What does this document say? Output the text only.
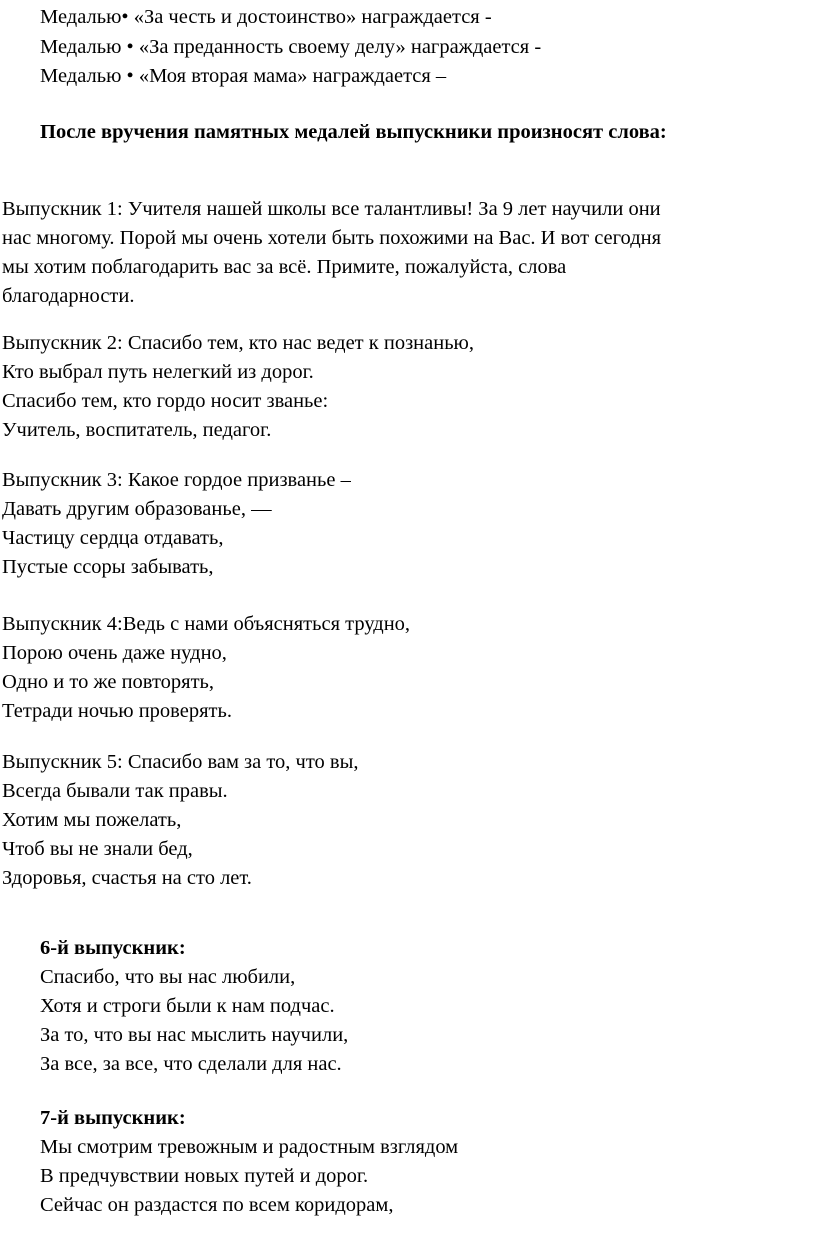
Медалью• «За честь и достоинство» награждается -
Медалью • «За преданность своему делу» награждается -
Медалью • «Моя вторая мама» награждается –
После вручения памятных медалей выпускники произносят слова:
Выпускник 1: Учителя нашей школы все талантливы! За 9 лет научили они
нас многому. Порой мы очень хотели быть похожими на Вас. И вот сегодня
мы хотим поблагодарить вас за всё. Примите, пожалуйста, слова
благодарности.
Выпускник 2: Спасибо тем, кто нас ведет к познанью,
Кто выбрал путь нелегкий из дорог.
Спасибо тем, кто гордо носит званье:
Учитель, воспитатель, педагог.
Выпускник 3: Какое гордое призванье –
Давать другим образованье, —
Частицу сердца отдавать,
Пустые ссоры забывать,
Выпускник 4:Ведь с нами объясняться трудно,
Порою очень даже нудно,
Одно и то же повторять,
Тетради ночью проверять.
Выпускник 5: Спасибо вам за то, что вы,
Всегда бывали так правы.
Хотим мы пожелать,
Чтоб вы не знали бед,
Здоровья, счастья на сто лет.
6-й выпускник:
Спасибо, что вы нас любили,
Хотя и строги были к нам подчас.
За то, что вы нас мыслить научили,
За все, за все, что сделали для нас.
7-й выпускник:
Мы смотрим тревожным и радостным взглядом
В предчувствии новых путей и дорог.
Сейчас он раздастся по всем коридорам,
